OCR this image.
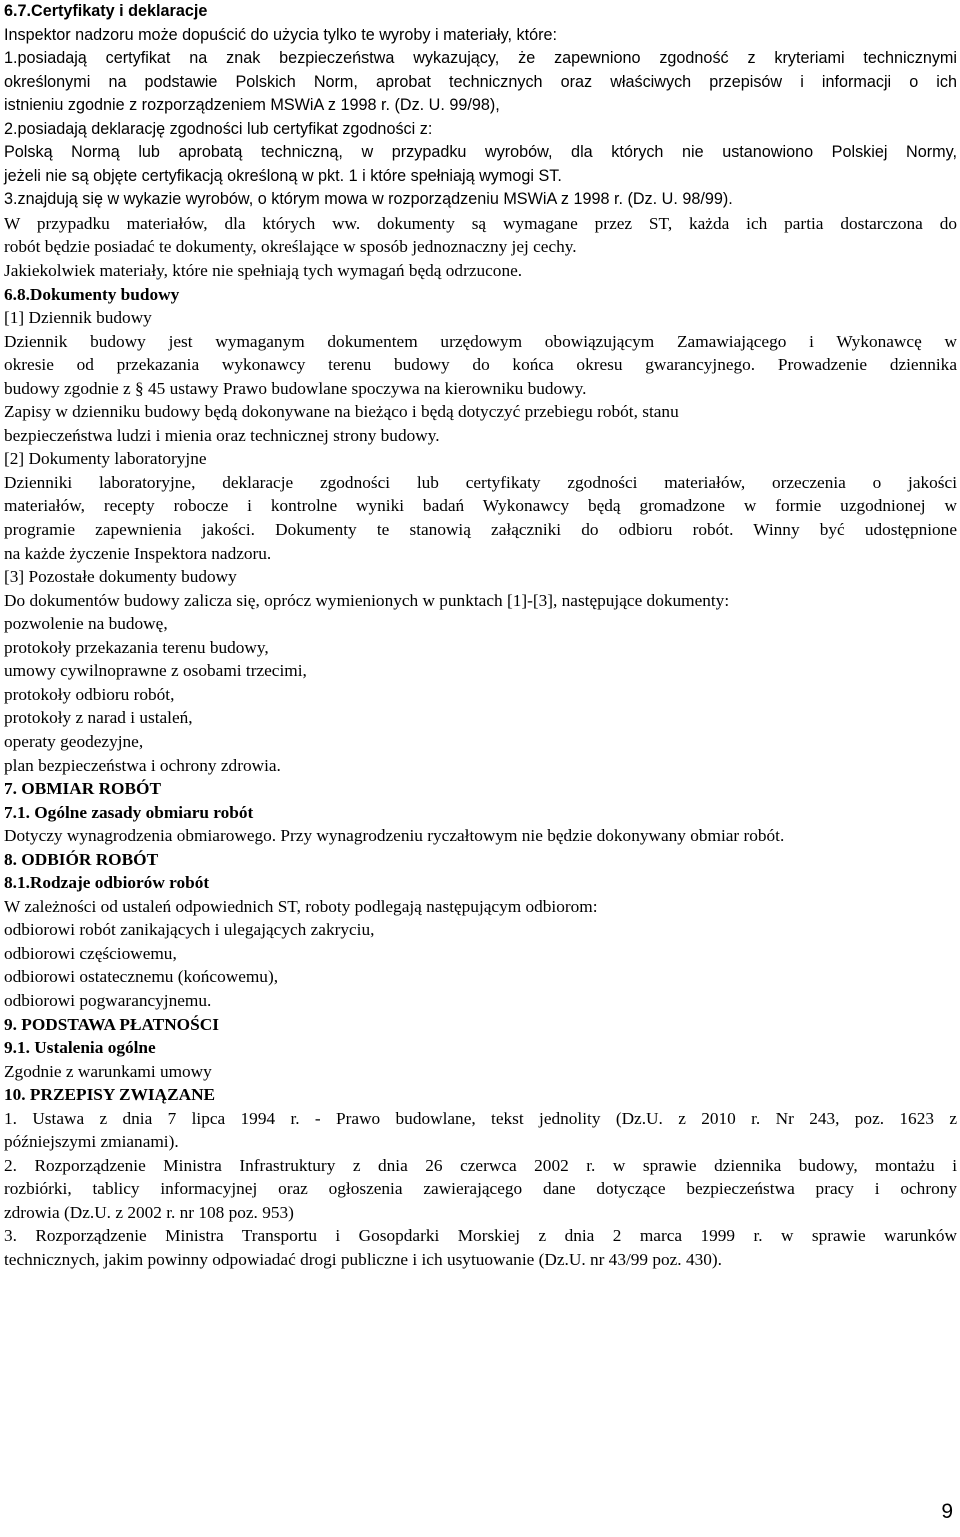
6.7.Certyfikaty i deklaracje
Inspektor nadzoru może dopuścić do użycia tylko te wyroby i materiały, które:
1.posiadają certyfikat na znak bezpieczeństwa wykazujący, że zapewniono zgodność z kryteriami technicznymi
określonymi na podstawie Polskich Norm, aprobat technicznych oraz właściwych przepisów i informacji o ich
istnieniu zgodnie z rozporządzeniem MSWiA z 1998 r. (Dz. U. 99/98),
2.posiadają deklarację zgodności lub certyfikat zgodności z:
Polską Normą lub aprobatą techniczną, w przypadku wyrobów, dla których nie ustanowiono Polskiej Normy,
jeżeli nie są objęte certyfikacją określoną w pkt. 1 i które spełniają wymogi ST.
3.znajdują się w wykazie wyrobów, o którym mowa w rozporządzeniu MSWiA z 1998 r. (Dz. U. 98/99).
W przypadku materiałów, dla których ww. dokumenty są wymagane przez ST, każda ich partia dostarczona do
robót będzie posiadać te dokumenty, określające w sposób jednoznaczny jej cechy.
Jakiekolwiek materiały, które nie spełniają tych wymagań będą odrzucone.
6.8.Dokumenty budowy
[1] Dziennik budowy
Dziennik budowy jest wymaganym dokumentem urzędowym obowiązującym Zamawiającego i Wykonawcę w
okresie od przekazania wykonawcy terenu budowy do końca okresu gwarancyjnego. Prowadzenie dziennika
budowy zgodnie z § 45 ustawy Prawo budowlane spoczywa na kierowniku budowy.
Zapisy w dzienniku budowy będą dokonywane na bieżąco i będą dotyczyć przebiegu robót, stanu
bezpieczeństwa ludzi i mienia oraz technicznej strony budowy.
[2] Dokumenty laboratoryjne
Dzienniki laboratoryjne, deklaracje zgodności lub certyfikaty zgodności materiałów, orzeczenia o jakości
materiałów, recepty robocze i kontrolne wyniki badań Wykonawcy będą gromadzone w formie uzgodnionej w
programie zapewnienia jakości. Dokumenty te stanowią załączniki do odbioru robót. Winny być udostępnione
na każde życzenie Inspektora nadzoru.
[3] Pozostałe dokumenty budowy
Do dokumentów budowy zalicza się, oprócz wymienionych w punktach [1]-[3], następujące dokumenty:
pozwolenie na budowę,
protokoły przekazania terenu budowy,
umowy cywilnoprawne z osobami trzecimi,
protokoły odbioru robót,
protokoły z narad i ustaleń,
operaty geodezyjne,
plan bezpieczeństwa i ochrony zdrowia.
7. OBMIAR ROBÓT
7.1. Ogólne zasady obmiaru robót
Dotyczy wynagrodzenia obmiarowego. Przy wynagrodzeniu ryczałtowym nie będzie dokonywany obmiar robót.
8. ODBIÓR ROBÓT
8.1.Rodzaje odbiorów robót
W zależności od ustaleń odpowiednich ST, roboty podlegają następującym odbiorom:
odbiorowi robót zanikających i ulegających zakryciu,
odbiorowi częściowemu,
odbiorowi ostatecznemu (końcowemu),
odbiorowi pogwarancyjnemu.
9. PODSTAWA PŁATNOŚCI
9.1. Ustalenia ogólne
Zgodnie z warunkami umowy
10. PRZEPISY ZWIĄZANE
1. Ustawa z dnia 7 lipca 1994 r. - Prawo budowlane, tekst jednolity (Dz.U. z 2010 r. Nr 243, poz. 1623 z
późniejszymi zmianami).
2. Rozporządzenie Ministra Infrastruktury z dnia 26 czerwca 2002 r. w sprawie dziennika budowy, montażu i
rozbiórki, tablicy informacyjnej oraz ogłoszenia zawierającego dane dotyczące bezpieczeństwa pracy i ochrony
zdrowia (Dz.U. z 2002 r. nr 108 poz. 953)
3. Rozporządzenie Ministra Transportu i Gosopdarki Morskiej z dnia 2 marca 1999 r. w sprawie warunków
technicznych, jakim powinny odpowiadać drogi publiczne i ich usytuowanie (Dz.U. nr 43/99 poz. 430).
9
